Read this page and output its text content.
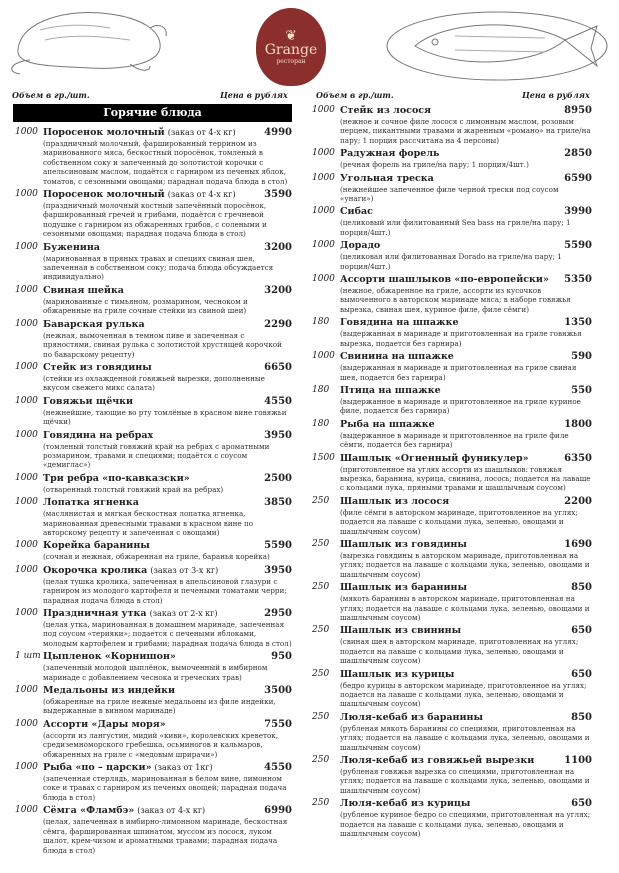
❦
Grange
ресторан
Объем в гр./шт.	Цена в рублях	Объем в гр./шт.	Цена в рублях
Горячие блюда
1000 Поросенок молочный (заказ от 4-х кг)	4990
(праздничный молочный, фаршированный террином из маринованного мяса, бескостный поросёнок, томленый в собственном соку и запеченный до золотистой корочки с апельсиновым маслом, подаётся с гарниром из печеных яблок, томатов, с сезонными овощами; парадная подача блюда в стол)
1000 Поросенок молочный (заказ от 4-х кг)	3590
(праздничный молочный костный запечённый поросёнок, фаршированный гречей и грибами, подаётся с гречневой подушке с гарниром из обжаренных грибов, с солеными и сезонными овощами; парадная подача блюда в стол)
1000 Буженина	3200
(маринованная в пряных травах и специях свиная шея, запеченная в собственном соку; подача блюда обсуждается индивидуально)
1000 Свиная шейка	3200
(маринованные с тимьяном, розмарином, чесноком и обжаренные на гриле сочные стейки из свиной шеи)
1000 Баварская рулька	2290
(нежная, вымоченная в темном пиве и запеченная с пряностями, свиная рулька с золотистой хрустящей корочкой по баварскому рецепту)
1000 Стейк из говядины	6650
(стейки из охлажденной говяжьей вырезки, дополненные вкусом свежего микс салата)
1000 Говяжьи щёчки	4550
(нежнейшие, тающие во рту томлёные в красном вине говяжьи щёчки)
1000 Говядина на ребрах	3950
(томленый толстый говяжий край на ребрах с ароматными розмарином, травами и специями; подаётся с соусом «демиглас»)
1000 Три ребра «по-кавказски»	2500
(отваренный толстый говяжий край на ребрах)
1000 Лопатка ягненка	3850
(маслянистая и мягкая бескостная лопатка ягненка, маринованная древесными травами в красном вине по авторскому рецепту и запеченная с овощами)
1000 Корейка баранины	5590
(сочная и нежная, обжаренная на гриле, баранья корейка)
1000 Окорочка кролика (заказ от 3-х кг)	3950
(целая тушка кролика, запеченная в апельсиновой глазури с гарниром из молодого картофеля и печеными томатами черри; парадная подача блюда в стол)
1000 Праздничная утка (заказ от 2-х кг)	2950
(целая утка, маринованная в домашнем маринаде, запеченная под соусом «терияки»; подается с печеными яблоками, молодым картофелем и грибами; парадная подача блюда в стол)
1 шт Цыпленок «Корнишон»	950
(запеченный молодой цыплёнок, вымоченный в имбирном маринаде с добавлением чеснока и греческих трав)
1000 Медальоны из индейки	3500
(обжаренные на гриле нежные медальоны из филе индейки, выдержанные в винном маринаде)
1000 Ассорти «Дары моря»	7550
(ассорти из лангустин, мидий «киви», королевских креветок, средиземноморского гребешка, осьминогов и кальмаров, обжаренных на гриле с «медовым шрирачи»)
1000 Рыба «по – царски» (заказ от 1кг)	4550
(запеченная стерлядь, маринованная в белом вине, лимонном соке и травах с гарниром из печеных овощей; парадная подача блюда в стол)
1000 Сёмга «Фламбэ» (заказ от 4-х кг)	6990
(целая, запеченная в имбирно-лимонном маринаде, бескостная сёмга, фаршированная шпинатом, муссом из лосося, луком шалот, крем-чизом и ароматными травами; парадная подача блюда в стол)
1000 Стейк из лосося	8950
(нежное и сочное филе лосося с лимонным маслом, розовым перцем, пикантными травами и жаренным «романо» на гриле/на пару; 1 порция рассчитана на 4 персоны)
1000 Радужная форель	2850
(речная форель на гриле/на пару; 1 порция/4шт.)
1000 Угольная треска	6590
(нежнейшее запеченное филе черной трески под соусом «унаги»)
1000 Сибас	3990
(целиковый или филитованный Sea bass на гриле/на пару; 1 порция/4шт.)
1000 Дорадо	5590
(целиковая или филитованная Dorado на гриле/на пару; 1 порция/4шт.)
1000 Ассорти шашлыков «по-европейски» 5350
(нежное, обжаренное на гриле, ассорти из кусочков вымоченного в авторском маринаде мяса; в наборе говяжья вырезка, свиная шея, куриное филе, филе сёмги)
180	Говядина на шпажке	1350
(выдержанная в маринаде и приготовленная на гриле говяжья вырезка, подается без гарнира)
1000 Свинина на шпажке	590
(выдержанная в маринаде и приготовленная на гриле свиная шея, подается без гарнира)
180	Птица на шпажке	550
(выдержанное в маринаде и приготовленное на гриле куриное филе, подается без гарнира)
180	Рыба на шпажке	1800
(выдержанное в маринаде и приготовленное на гриле филе сёмги, подается без гарнира)
1500 Шашлык «Огненный фуникулер»	6350
(приготовленное на углях ассорти из шашлыков: говяжья вырезка, баранина, курица, свинина, лосось; подается на лаваше с кольцами лука, пряными травами и шашлычным соусом)
250	Шашлык из лосося	2200
(филе сёмги в авторском маринаде, приготовленное на углях; подается на лаваше с кольцами лука, зеленью, овощами и шашлычным соусом)
250	Шашлык из говядины	1690
(вырезка говядины в авторском маринаде, приготовленная на углях; подается на лаваше с кольцами лука, зеленью, овощами и шашлычным соусом)
250	Шашлык из баранины	850
(мякоть баранины в авторском маринаде, приготовленная на углях; подается на лаваше с кольцами лука, зеленью, овощами и шашлычным соусом)
250	Шашлык из свинины	650
(свиная шея в авторском маринаде, приготовленная на углях; подается на лаваше с кольцами лука, зеленью, овощами и шашлычным соусом)
250	Шашлык из курицы	650
(бедро курицы в авторском маринаде, приготовленное на углях; подается на лаваше с кольцами лука, зеленью, овощами и шашлычным соусом)
250	Люля-кебаб из баранины	850
(рубленая мякоть баранины со специями, приготовленная на углях; подается на лаваше с кольцами лука, зеленью, овощами и шашлычным соусом)
250	Люля-кебаб из говяжьей вырезки	1100
(рубленая говяжья вырезка со специями, приготовленная на углях; подается на лаваше с кольцами лука, зеленью, овощами и шашлычным соусом)
250	Люля-кебаб из курицы	650
(рубленое куриное бедро со специями, приготовленная на углях; подается на лаваше с кольцами лука, зеленью, овощами и шашлычным соусом)
